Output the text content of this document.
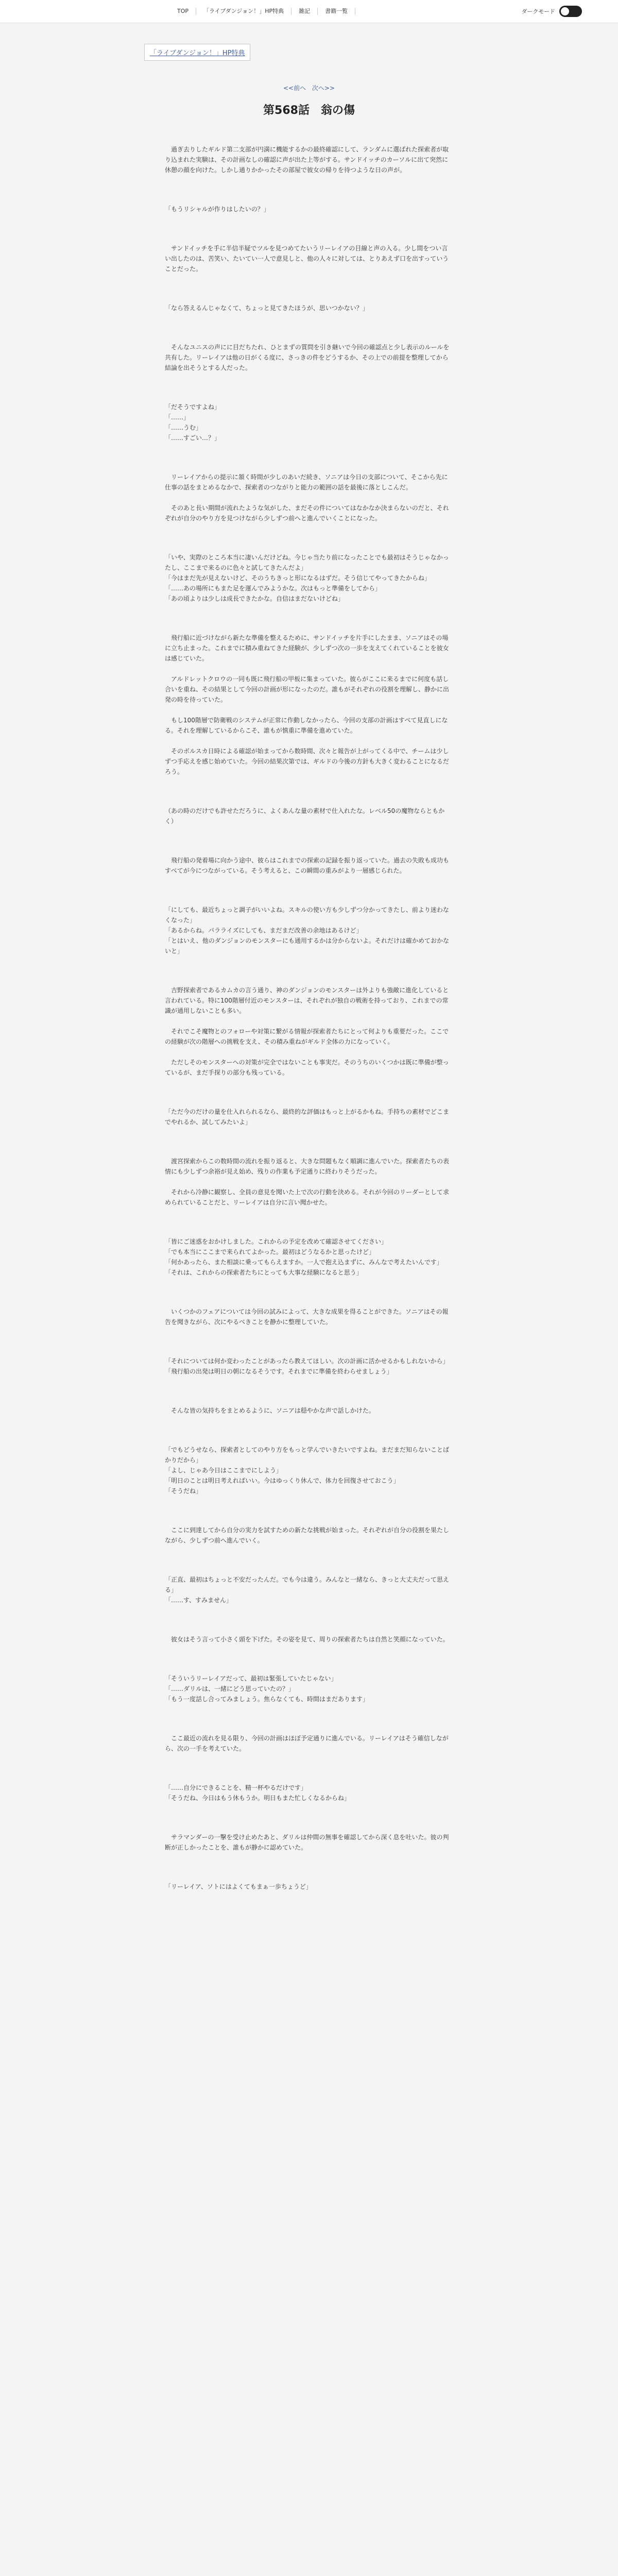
TOP	「ライブダンジョン！」HP特典	雑記	書籍一覧	ダークモード
「ライブダンジョン！」HP特典
<<前へ 次へ>>
第568話　翁の傷

　過ぎ去りしたギルド第二支部が円満に機能するかの最終確認にして、ランダムに選ばれた探索者が取り込まれた実験は、その計画なしの確認に声が出た上等がする。サンドイッチのカーソルに出て突然に休憩の顔を向けた。しかし通りかかったその部屋で彼女の帰りを待つような日の声が。

「もうリシャルが作りはしたいの？」

　サンドイッチを手に半信半疑でツルを見つめてたいうリーレイアの目線と声の入る。少し間をつい言い出したのは、苦笑い、たいてい一人で意見しと、他の人々に対しては、とりあえず口を出すっていうことだった。

「なら答えるんじゃなくて、ちょっと見てきたほうが、思いつかない？」

　そんなユニスの声にに目だちたれ、ひとまずの質問を引き継いで今回の確認点と少し表示のルールを共有した。リーレイアは他の日がくる度に、さっきの件をどうするか、その上での前提を整理してから結論を出そうとする人だった。

「だそうですよね」

「……」

「……うむ」

「……すごい…？」

　リーレイアからの提示に頷く時間が少しのあいだ続き、ソニアは今日の支部について、そこから先に仕事の話をまとめるなかで、探索者のつながりと能力の範囲の話を最後に落としこんだ。

　そのあと長い期間が流れたような気がした、まだその件についてはなかなか決まらないのだと、それぞれが自分のやり方を見つけながら少しずつ前へと進んでいくことになった。

「いや、実際のところ本当に凄いんだけどね。今じゃ当たり前になったことでも最初はそうじゃなかったし、ここまで来るのに色々と試してきたんだよ」

「今はまだ先が見えないけど、そのうちきっと形になるはずだ。そう信じてやってきたからね」

「……あの場所にもまた足を運んでみようかな。次はもっと準備をしてから」

「あの頃よりは少しは成長できたかな。自信はまだないけどね」

　飛行船に近づけながら新たな準備を整えるために、サンドイッチを片手にしたまま、ソニアはその場に立ち止まった。これまでに積み重ねてきた経験が、少しずつ次の一歩を支えてくれていることを彼女は感じていた。

　アルドレットクロウの一同も既に飛行船の甲板に集まっていた。彼らがここに来るまでに何度も話し合いを重ね、その結果として今回の計画が形になったのだ。誰もがそれぞれの役割を理解し、静かに出発の時を待っていた。

　もし100階層で防衛戦のシステムが正常に作動しなかったら、今回の支部の計画はすべて見直しになる。それを理解しているからこそ、誰もが慎重に準備を進めていた。

　そのボルスカ日時による確認が始まってから数時間、次々と報告が上がってくる中で、チームは少しずつ手応えを感じ始めていた。今回の結果次第では、ギルドの今後の方針も大きく変わることになるだろう。

（あの時のだけでも許せただろうに、よくあんな量の素材で仕入れたな。レベル50の魔物ならともかく）

　飛行船の発着場に向かう途中、彼らはこれまでの探索の記録を振り返っていた。過去の失敗も成功もすべてが今につながっている。そう考えると、この瞬間の重みがより一層感じられた。

「にしても、最近ちょっと調子がいいよね。スキルの使い方も少しずつ分かってきたし、前より迷わなくなった」

「あるからね。パラライズにしても、まだまだ改善の余地はあるけど」

「とはいえ、他のダンジョンのモンスターにも通用するかは分からないよ。それだけは確かめておかないと」

　吉野探索者であるカムカの言う通り、神のダンジョンのモンスターは外よりも強敵に進化していると言われている。特に100階層付近のモンスターは、それぞれが独自の戦術を持っており、これまでの常識が通用しないことも多い。

　それでこそ魔物とのフォローや対策に繋がる情報が探索者たちにとって何よりも重要だった。ここでの経験が次の階層への挑戦を支え、その積み重ねがギルド全体の力になっていく。

　ただしそのモンスターへの対策が完全ではないことも事実だ。そのうちのいくつかは既に準備が整っているが、まだ手探りの部分も残っている。

「ただ今のだけの量を仕入れられるなら、最終的な評価はもっと上がるかもね。手持ちの素材でどこまでやれるか、試してみたいよ」

　渡宮探索からこの数時間の流れを振り返ると、大きな問題もなく順調に進んでいた。探索者たちの表情にも少しずつ余裕が見え始め、残りの作業も予定通りに終わりそうだった。

　それから冷静に観察し、全員の意見を聞いた上で次の行動を決める。それが今回のリーダーとして求められていることだと、リーレイアは自分に言い聞かせた。

「皆にご迷惑をおかけしました。これからの予定を改めて確認させてください」

「でも本当にここまで来られてよかった。最初はどうなるかと思ったけど」

「何かあったら、また相談に乗ってもらえますか。一人で抱え込まずに、みんなで考えたいんです」

「それは、これからの探索者たちにとっても大事な経験になると思う」

　いくつかのフェアについては今回の試みによって、大きな成果を得ることができた。ソニアはその報告を聞きながら、次にやるべきことを静かに整理していた。

「それについては何か変わったことがあったら教えてほしい。次の計画に活かせるかもしれないから」

「飛行船の出発は明日の朝になるそうです。それまでに準備を終わらせましょう」

　そんな皆の気持ちをまとめるように、ソニアは穏やかな声で話しかけた。

「でもどうせなら、探索者としてのやり方をもっと学んでいきたいですよね。まだまだ知らないことばかりだから」

「よし、じゃあ今日はここまでにしよう」

「明日のことは明日考えればいい。今はゆっくり休んで、体力を回復させておこう」

「そうだね」

　ここに到達してから自分の実力を試すための新たな挑戦が始まった。それぞれが自分の役割を果たしながら、少しずつ前へ進んでいく。

「正直、最初はちょっと不安だったんだ。でも今は違う。みんなと一緒なら、きっと大丈夫だって思える」

「……す、すみません」

　彼女はそう言って小さく頭を下げた。その姿を見て、周りの探索者たちは自然と笑顔になっていた。

「そういうリーレイアだって、最初は緊張していたじゃない」

「……ダリルは、一緒にどう思っていたの？」

「もう一度話し合ってみましょう。焦らなくても、時間はまだあります」

　ここ最近の流れを見る限り、今回の計画はほぼ予定通りに進んでいる。リーレイアはそう確信しながら、次の一手を考えていた。

「……自分にできることを、精一杯やるだけです」

「そうだね、今日はもう休もうか。明日もまた忙しくなるからね」

　サラマンダーの一撃を受け止めたあと、ダリルは仲間の無事を確認してから深く息を吐いた。彼の判断が正しかったことを、誰もが静かに認めていた。

「リーレイア、ソトにはよくてもまぁ一歩ちょうど」
